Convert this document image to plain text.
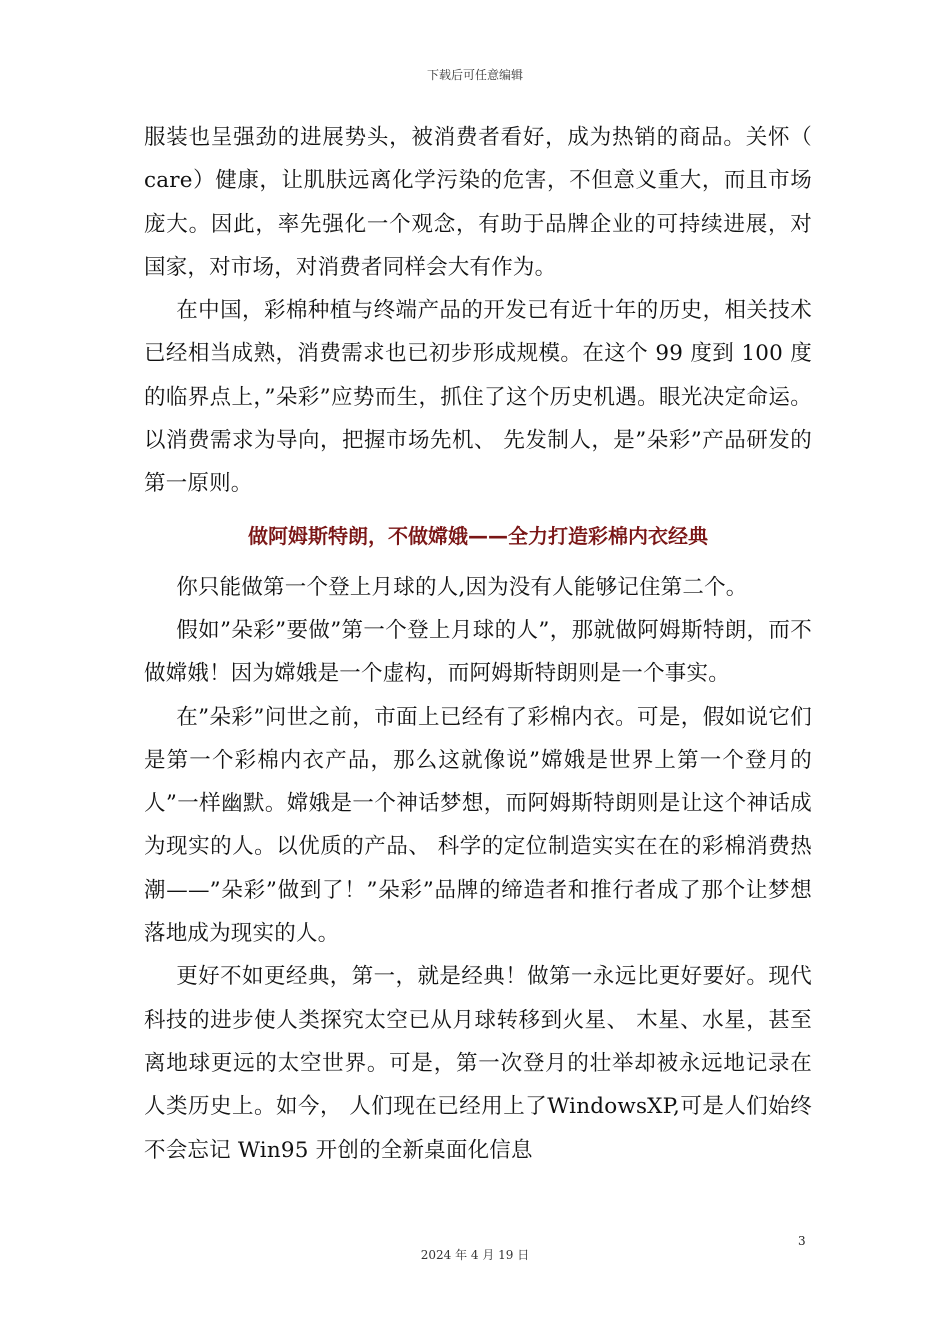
下载后可任意编辑

服装也呈强劲的进展势头，被消费者看好，成为热销的商品。关怀（ care）健康，让肌肤远离化学污染的危害，不但意义重大，而且市场庞大。因此，率先强化一个观念，有助于品牌企业的可持续进展，对国家，对市场，对消费者同样会大有作为。

在中国，彩棉种植与终端产品的开发已有近十年的历史，相关技术已经相当成熟，消费需求也已初步形成规模。在这个 99 度到 100 度的临界点上，”朵彩”应势而生，抓住了这个历史机遇。眼光决定命运。以消费需求为导向，把握市场先机、 先发制人，是”朵彩”产品研发的第一原则。

做阿姆斯特朗，不做嫦娥——全力打造彩棉内衣经典

你只能做第一个登上月球的人,因为没有人能够记住第二个。

假如”朵彩”要做”第一个登上月球的人”，那就做阿姆斯特朗，而不做嫦娥！因为嫦娥是一个虚构，而阿姆斯特朗则是一个事实。

在”朵彩”问世之前，市面上已经有了彩棉内衣。可是，假如说它们是第一个彩棉内衣产品，那么这就像说”嫦娥是世界上第一个登月的人”一样幽默。嫦娥是一个神话梦想，而阿姆斯特朗则是让这个神话成为现实的人。以优质的产品、 科学的定位制造实实在在的彩棉消费热潮——”朵彩”做到了！”朵彩”品牌的缔造者和推行者成了那个让梦想落地成为现实的人。

更好不如更经典，第一，就是经典！做第一永远比更好要好。现代科技的进步使人类探究太空已从月球转移到火星、 木星、水星，甚至离地球更远的太空世界。可是，第一次登月的壮举却被永远地记录在人类历史上。如今， 人们现在已经用上了WindowsXP,可是人们始终不会忘记 Win95 开创的全新桌面化信息

3
2024 年 4 月 19 日
